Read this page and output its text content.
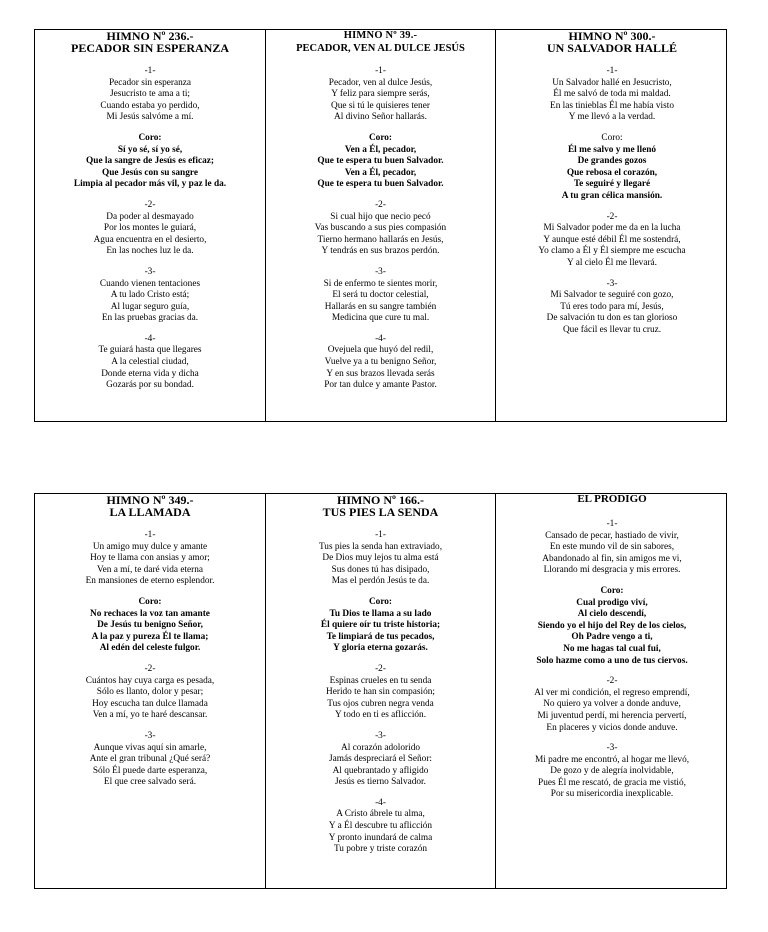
HIMNO Nº 236.-
PECADOR SIN ESPERANZA
-1-
Pecador sin esperanza
Jesucristo te ama a ti;
Cuando estaba yo perdido,
Mi Jesús salvóme a mí.
Coro:
Sí yo sé, sí yo sé,
Que la sangre de Jesús es eficaz;
Que Jesús con su sangre
Limpia al pecador más vil, y paz le da.
-2-
Da poder al desmayado
Por los montes le guiará,
Agua encuentra en el desierto,
En las noches luz le da.
-3-
Cuando vienen tentaciones
A tu lado Cristo está;
Al lugar seguro guía,
En las pruebas gracias da.
-4-
Te guiará hasta que llegares
A la celestial ciudad,
Donde eterna vida y dicha
Gozarás por su bondad.
HIMNO Nº 39.-
PECADOR, VEN AL DULCE JESÚS
-1-
Pecador, ven al dulce Jesús,
Y feliz para siempre serás,
Que si tú le quisieres tener
Al divino Señor hallarás.
Coro:
Ven a Él, pecador,
Que te espera tu buen Salvador.
Ven a Él, pecador,
Que te espera tu buen Salvador.
-2-
Si cual hijo que necio pecó
Vas buscando a sus pies compasión
Tierno hermano hallarás en Jesús,
Y tendrás en sus brazos perdón.
-3-
Si de enfermo te sientes morir,
El será tu doctor celestial,
Hallarás en su sangre también
Medicina que cure tu mal.
-4-
Ovejuela que huyó del redil,
Vuelve ya a tu benigno Señor,
Y en sus brazos llevada serás
Por tan dulce y amante Pastor.
HIMNO Nº 300.-
UN SALVADOR HALLÉ
-1-
Un Salvador hallé en Jesucristo,
Él me salvó de toda mi maldad.
En las tinieblas Él me había visto
Y me llevó a la verdad.
Coro:
Él me salvo y me llenó
De grandes gozos
Que rebosa el corazón,
Te seguiré y llegaré
A tu gran célica mansión.
-2-
Mi Salvador poder me da en la lucha
Y aunque esté débil Él me sostendrá,
Yo clamo a Él y Él siempre me escucha
Y al cielo Él me llevará.
-3-
Mi Salvador te seguiré con gozo,
Tú eres todo para mí, Jesús,
De salvación tu don es tan glorioso
Que fácil es llevar tu cruz.
HIMNO Nº 349.-
LA LLAMADA
-1-
Un amigo muy dulce y amante
Hoy te llama con ansias y amor;
Ven a mí, te daré vida eterna
En mansiones de eterno esplendor.
Coro:
No rechaces la voz tan amante
De Jesús tu benigno Señor,
A la paz y pureza Él te llama;
Al edén del celeste fulgor.
-2-
Cuántos hay cuya carga es pesada,
Sólo es llanto, dolor y pesar;
Hoy escucha tan dulce llamada
Ven a mí, yo te haré descansar.
-3-
Aunque vivas aquí sin amarle,
Ante el gran tribunal ¿Qué será?
Sólo Él puede darte esperanza,
El que cree salvado será.
HIMNO Nº 166.-
TUS PIES LA SENDA
-1-
Tus pies la senda han extraviado,
De Dios muy lejos tu alma está
Sus dones tú has disipado,
Mas el perdón Jesús te da.
Coro:
Tu Dios te llama a su lado
Él quiere oír tu triste historia;
Te limpiará de tus pecados,
Y gloria eterna gozarás.
-2-
Espinas crueles en tu senda
Herido te han sin compasión;
Tus ojos cubren negra venda
Y todo en ti es aflicción.
-3-
Al corazón adolorido
Jamás despreciará el Señor:
Al quebrantado y afligido
Jesús es tierno Salvador.
-4-
A Cristo ábrele tu alma,
Y a Él descubre tu aflicción
Y pronto inundará de calma
Tu pobre y triste corazón
EL PRÓDIGO
-1-
Cansado de pecar, hastiado de vivir,
En este mundo vil de sin sabores,
Abandonado al fin, sin amigos me vi,
Llorando mi desgracia y mis errores.
Coro:
Cual prodigo viví,
Al cielo descendí,
Siendo yo el hijo del Rey de los cielos,
Oh Padre vengo a ti,
No me hagas tal cual fui,
Solo hazme como a uno de tus ciervos.
-2-
Al ver mi condición, el regreso emprendí,
No quiero ya volver a donde anduve,
Mi juventud perdí, mi herencia pervertí,
En placeres y vicios donde anduve.
-3-
Mi padre me encontró, al hogar me llevó,
De gozo y de alegría inolvidable,
Pues Él me rescató, de gracia me vistió,
Por su misericordia inexplicable.
